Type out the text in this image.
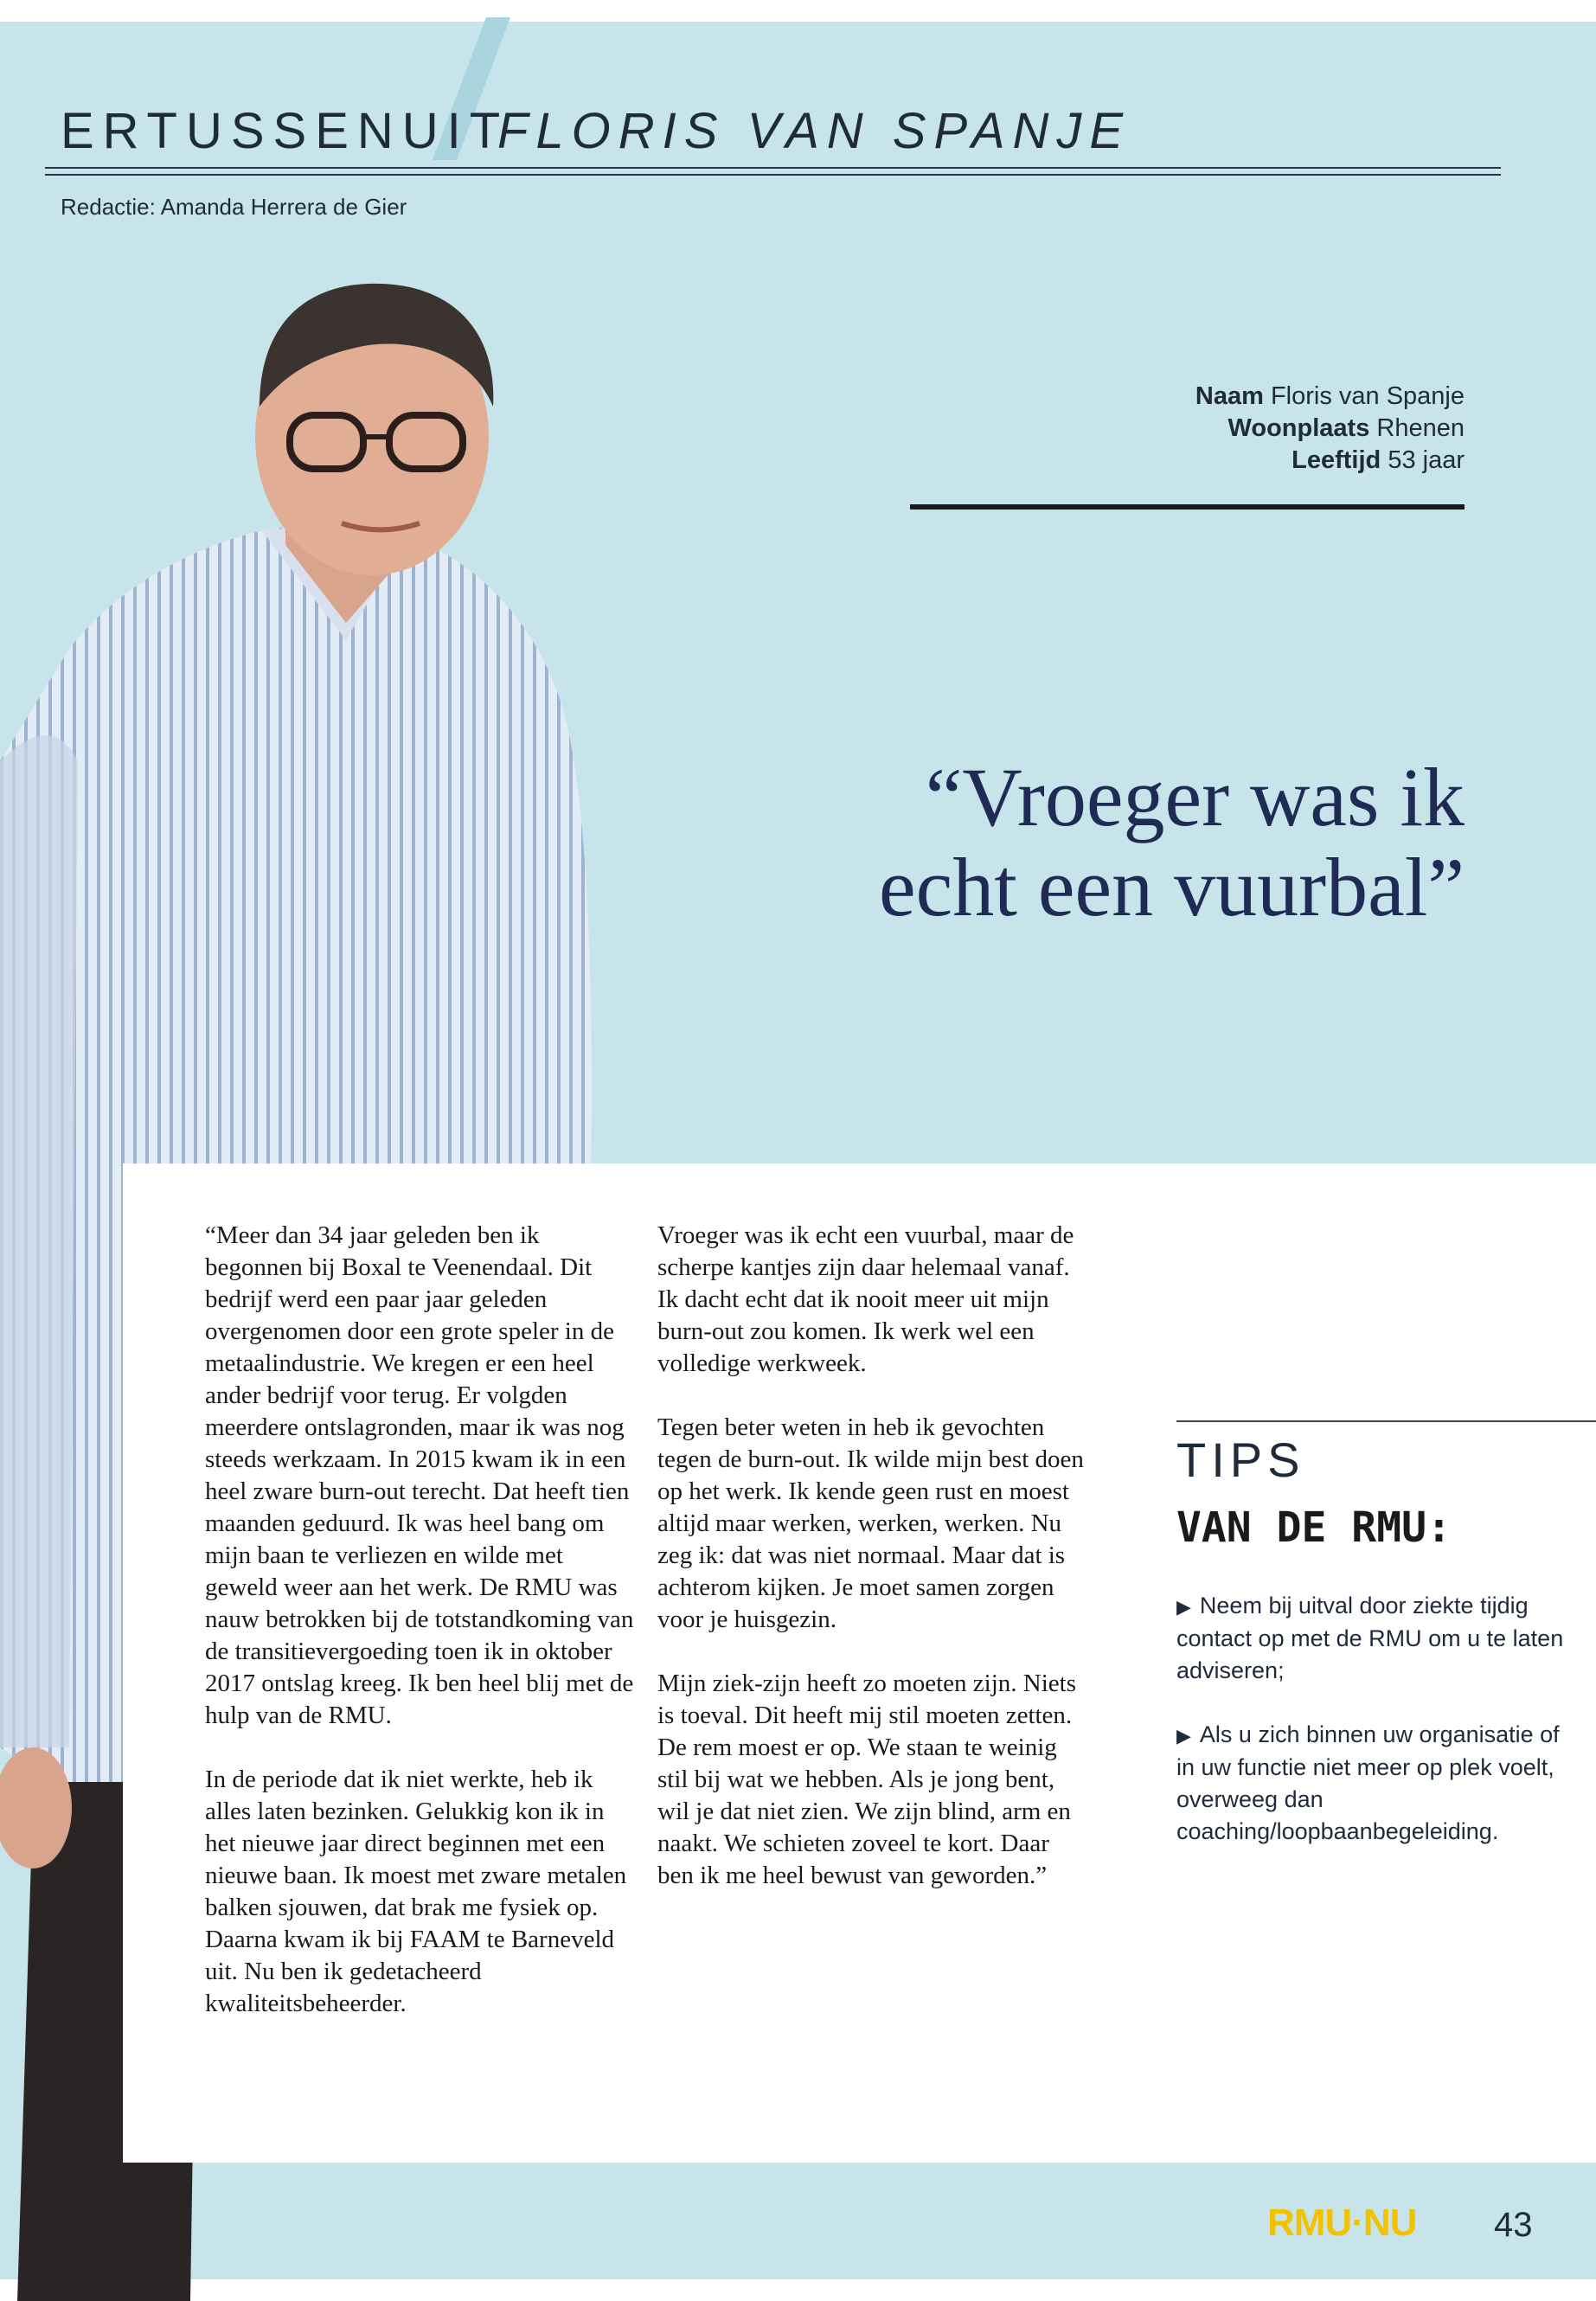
ERTUSSENUIT
FLORIS VAN SPANJE
Redactie: Amanda Herrera de Gier
Naam Floris van Spanje
Woonplaats Rhenen
Leeftijd 53 jaar
“Vroeger was ik
echt een vuurbal”

“Meer dan 34 jaar geleden ben ik begonnen bij Boxal te Veenendaal. Dit bedrijf werd een paar jaar geleden overgenomen door een grote speler in de metaalindustrie. We kregen er een heel ander bedrijf voor terug. Er volgden meerdere ontslagronden, maar ik was nog steeds werkzaam. In 2015 kwam ik in een heel zware burn-out terecht. Dat heeft tien maanden geduurd. Ik was heel bang om mijn baan te verliezen en wilde met geweld weer aan het werk. De RMU was nauw betrokken bij de totstandkoming van de transitievergoeding toen ik in oktober 2017 ontslag kreeg. Ik ben heel blij met de hulp van de RMU.

In de periode dat ik niet werkte, heb ik alles laten bezinken. Gelukkig kon ik in het nieuwe jaar direct beginnen met een nieuwe baan. Ik moest met zware metalen balken sjouwen, dat brak me fysiek op. Daarna kwam ik bij FAAM te Barneveld uit. Nu ben ik gedetacheerd kwaliteitsbeheerder.

Vroeger was ik echt een vuurbal, maar de scherpe kantjes zijn daar helemaal vanaf. Ik dacht echt dat ik nooit meer uit mijn burn-out zou komen. Ik werk wel een volledige werkweek.

Tegen beter weten in heb ik gevochten tegen de burn-out. Ik wilde mijn best doen op het werk. Ik kende geen rust en moest altijd maar werken, werken, werken. Nu zeg ik: dat was niet normaal. Maar dat is achterom kijken. Je moet samen zorgen voor je huisgezin.

Mijn ziek-zijn heeft zo moeten zijn. Niets is toeval. Dit heeft mij stil moeten zetten. De rem moest er op. We staan te weinig stil bij wat we hebben. Als je jong bent, wil je dat niet zien. We zijn blind, arm en naakt. We schieten zoveel te kort. Daar ben ik me heel bewust van geworden.”

TIPS
VAN DE RMU:
▶ Neem bij uitval door ziekte tijdig contact op met de RMU om u te laten adviseren;
▶ Als u zich binnen uw organisatie of in uw functie niet meer op plek voelt, overweeg dan coaching/loopbaanbegeleiding.
RMU·NU 43
